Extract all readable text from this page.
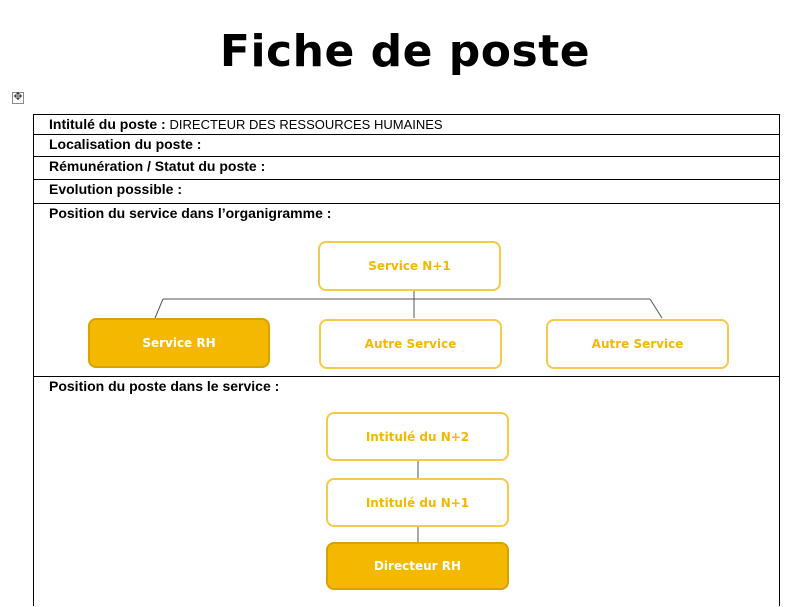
Fiche de poste
✥
Intitulé du poste : DIRECTEUR DES RESSOURCES HUMAINES
Localisation du poste :
Rémunération / Statut du poste :
Evolution possible :
Position du service dans l’organigramme :
Position du poste dans le service :
Service N+1
Service RH	Autre Service	Autre Service
Intitulé du N+2
Intitulé du N+1
Directeur RH
